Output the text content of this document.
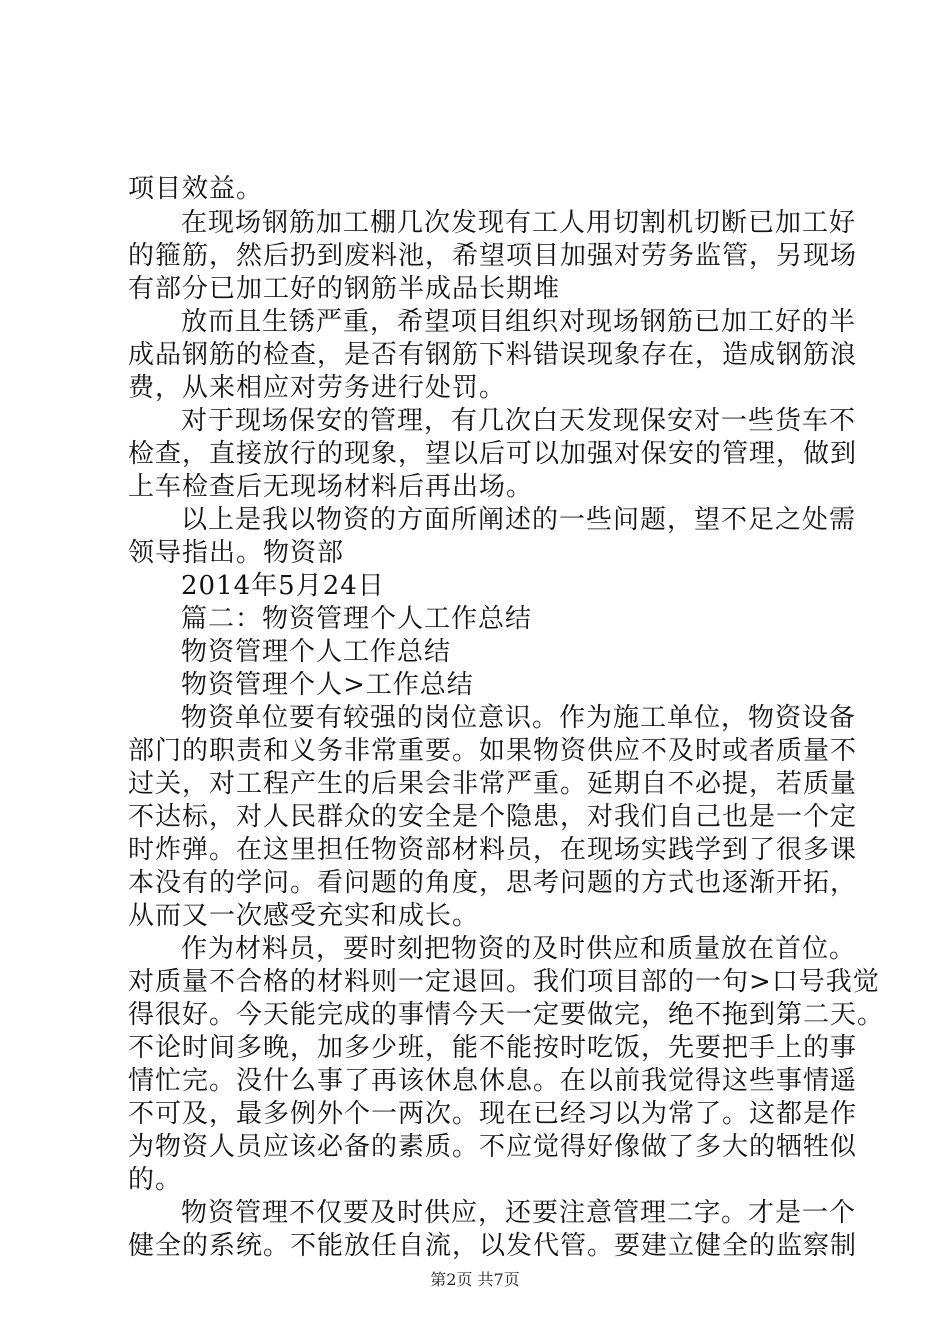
项目效益。
在现场钢筋加工棚几次发现有工人用切割机切断已加工好
的箍筋，然后扔到废料池，希望项目加强对劳务监管，另现场
有部分已加工好的钢筋半成品长期堆
放而且生锈严重，希望项目组织对现场钢筋已加工好的半
成品钢筋的检查，是否有钢筋下料错误现象存在，造成钢筋浪
费，从来相应对劳务进行处罚。
对于现场保安的管理，有几次白天发现保安对一些货车不
检查，直接放行的现象，望以后可以加强对保安的管理，做到
上车检查后无现场材料后再出场。
以上是我以物资的方面所阐述的一些问题，望不足之处需
领导指出。物资部
2014年5月24日
篇二：物资管理个人工作总结
物资管理个人工作总结
物资管理个人>工作总结
物资单位要有较强的岗位意识。作为施工单位，物资设备
部门的职责和义务非常重要。如果物资供应不及时或者质量不
过关，对工程产生的后果会非常严重。延期自不必提，若质量
不达标，对人民群众的安全是个隐患，对我们自己也是一个定
时炸弹。在这里担任物资部材料员，在现场实践学到了很多课
本没有的学问。看问题的角度，思考问题的方式也逐渐开拓，
从而又一次感受充实和成长。
作为材料员，要时刻把物资的及时供应和质量放在首位。
对质量不合格的材料则一定退回。我们项目部的一句>口号我觉
得很好。今天能完成的事情今天一定要做完，绝不拖到第二天。
不论时间多晚，加多少班，能不能按时吃饭，先要把手上的事
情忙完。没什么事了再该休息休息。在以前我觉得这些事情遥
不可及，最多例外个一两次。现在已经习以为常了。这都是作
为物资人员应该必备的素质。不应觉得好像做了多大的牺牲似
的。
物资管理不仅要及时供应，还要注意管理二字。才是一个
健全的系统。不能放任自流，以发代管。要建立健全的监察制
第2页 共7页
